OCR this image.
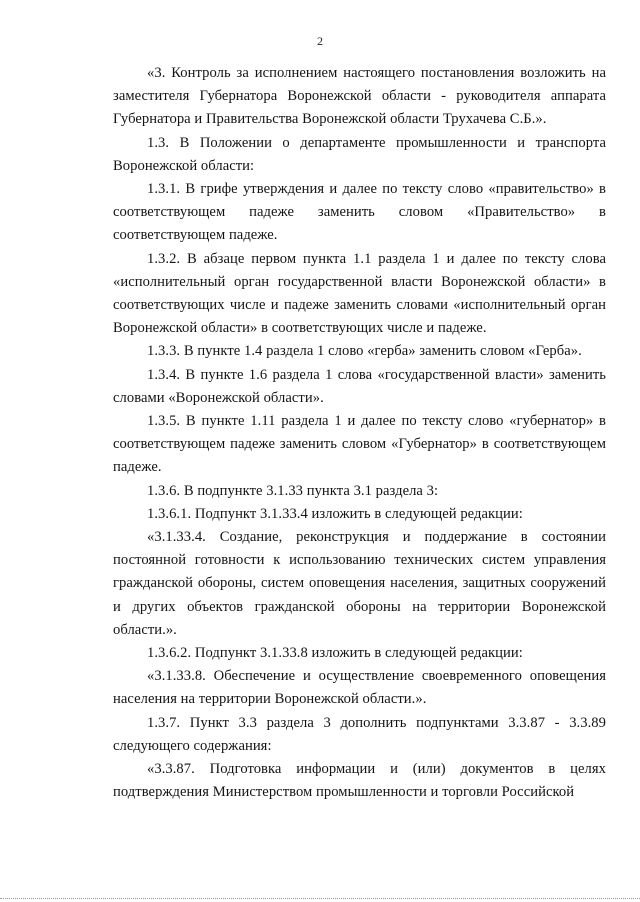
2

«3. Контроль за исполнением настоящего постановления возложить на заместителя Губернатора Воронежской области - руководителя аппарата Губернатора и Правительства Воронежской области Трухачева С.Б.».

1.3. В Положении о департаменте промышленности и транспорта Воронежской области:

1.3.1. В грифе утверждения и далее по тексту слово «правительство» в соответствующем падеже заменить словом «Правительство» в соответствующем падеже.

1.3.2. В абзаце первом пункта 1.1 раздела 1 и далее по тексту слова «исполнительный орган государственной власти Воронежской области» в соответствующих числе и падеже заменить словами «исполнительный орган Воронежской области» в соответствующих числе и падеже.

1.3.3. В пункте 1.4 раздела 1 слово «герба» заменить словом «Герба».

1.3.4. В пункте 1.6 раздела 1 слова «государственной власти» заменить словами «Воронежской области».

1.3.5. В пункте 1.11 раздела 1 и далее по тексту слово «губернатор» в соответствующем падеже заменить словом «Губернатор» в соответствующем падеже.

1.3.6. В подпункте 3.1.33 пункта 3.1 раздела 3:

1.3.6.1. Подпункт 3.1.33.4 изложить в следующей редакции:

«3.1.33.4. Создание, реконструкция и поддержание в состоянии постоянной готовности к использованию технических систем управления гражданской обороны, систем оповещения населения, защитных сооружений и других объектов гражданской обороны на территории Воронежской области.».

1.3.6.2. Подпункт 3.1.33.8 изложить в следующей редакции:

«3.1.33.8. Обеспечение и осуществление своевременного оповещения населения на территории Воронежской области.».

1.3.7. Пункт 3.3 раздела 3 дополнить подпунктами 3.3.87 - 3.3.89 следующего содержания:

«3.3.87. Подготовка информации и (или) документов в целях подтверждения Министерством промышленности и торговли Российской
